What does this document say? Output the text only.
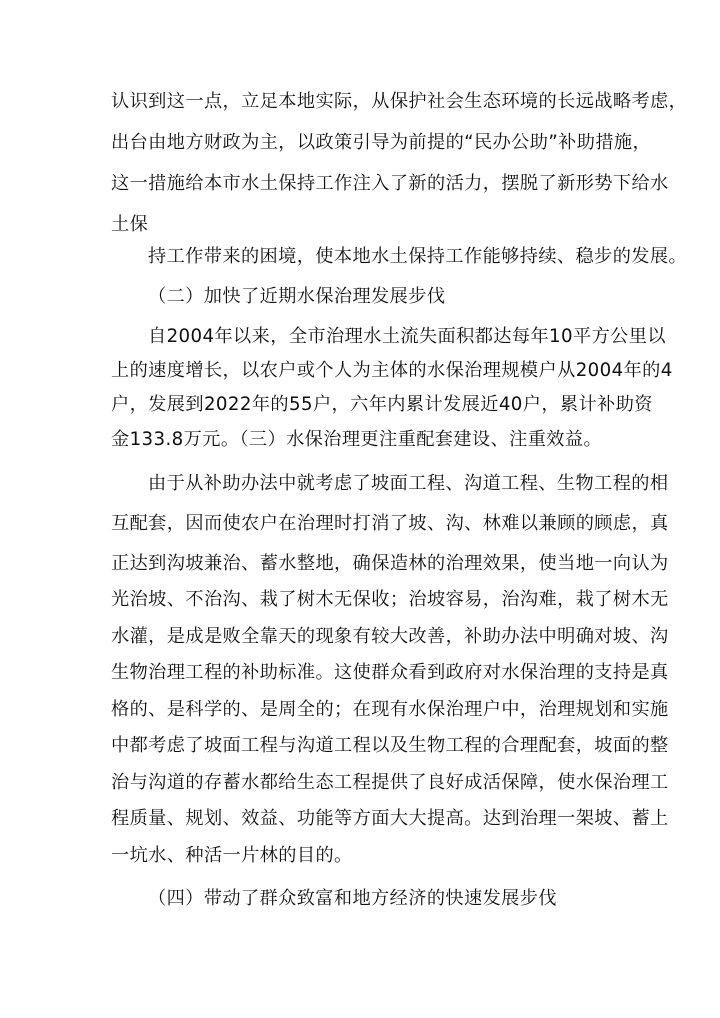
认识到这一点，立足本地实际，从保护社会生态环境的长远战略考虑，
出台由地方财政为主，以政策引导为前提的“民办公助”补助措施，
这一措施给本市水土保持工作注入了新的活力，摆脱了新形势下给水
土保
持工作带来的困境，使本地水土保持工作能够持续、稳步的发展。
（二）加快了近期水保治理发展步伐
自2004年以来，全市治理水土流失面积都达每年10平方公里以
上的速度增长，以农户或个人为主体的水保治理规模户从2004年的4
户，发展到2022年的55户，六年内累计发展近40户，累计补助资
金133.8万元。（三）水保治理更注重配套建设、注重效益。
由于从补助办法中就考虑了坡面工程、沟道工程、生物工程的相
互配套，因而使农户在治理时打消了坡、沟、林难以兼顾的顾虑，真
正达到沟坡兼治、蓄水整地，确保造林的治理效果，使当地一向认为
光治坡、不治沟、栽了树木无保收；治坡容易，治沟难，栽了树木无
水灌，是成是败全靠天的现象有较大改善，补助办法中明确对坡、沟
生物治理工程的补助标准。这使群众看到政府对水保治理的支持是真
格的、是科学的、是周全的；在现有水保治理户中，治理规划和实施
中都考虑了坡面工程与沟道工程以及生物工程的合理配套，坡面的整
治与沟道的存蓄水都给生态工程提供了良好成活保障，使水保治理工
程质量、规划、效益、功能等方面大大提高。达到治理一架坡、蓄上
一坑水、种活一片林的目的。
（四）带动了群众致富和地方经济的快速发展步伐
